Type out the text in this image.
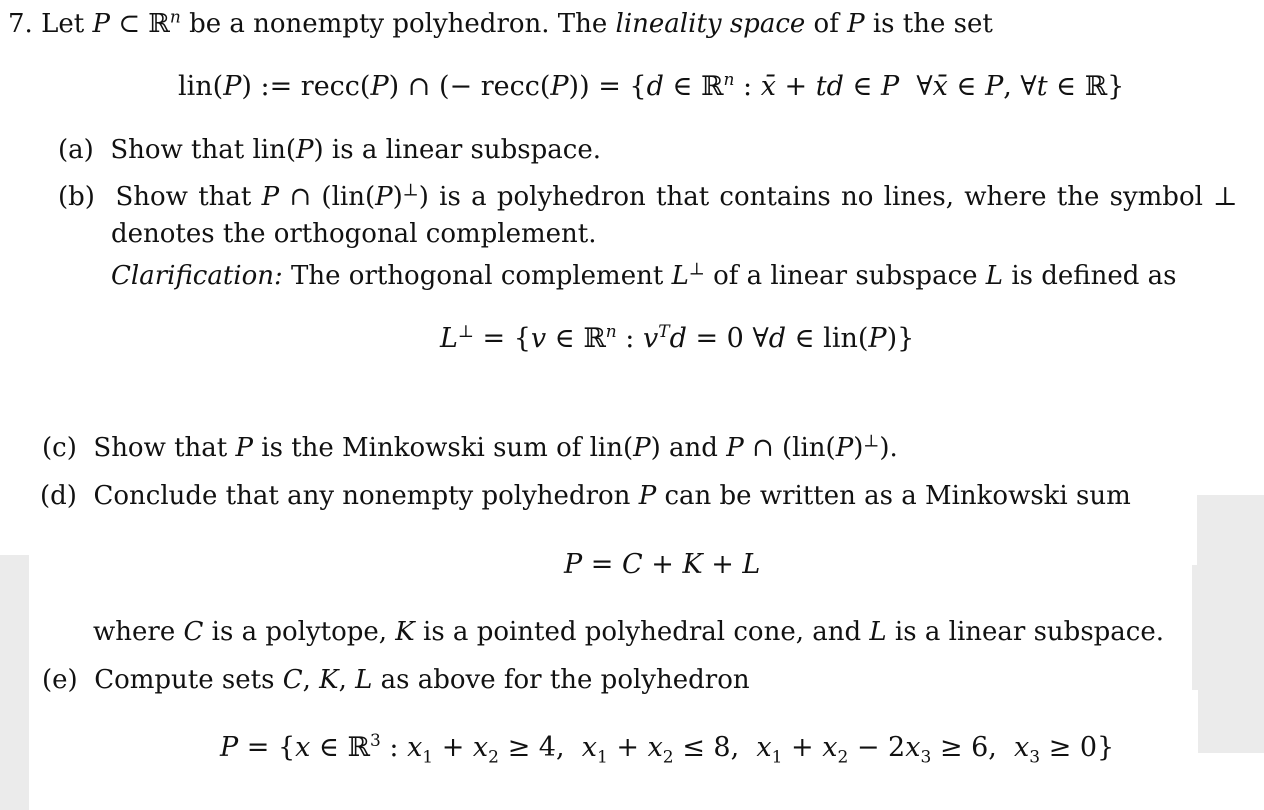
7. Let P ⊂ ℝ$^n$ be a nonempty polyhedron. The lineality space of P is the set
lin(P) := recc(P) ∩ (− recc(P)) = {d ∈ ℝ$^n$ : x̄ + td ∈ P  ∀x̄ ∈ P, ∀t ∈ ℝ}
(a)  Show that lin(P) is a linear subspace.
(b)  Show that P ∩ (lin(P)⊥) is a polyhedron that contains no lines, where the symbol ⊥
denotes the orthogonal complement.
Clarification: The orthogonal complement L⊥ of a linear subspace L is defined as
L⊥ = {v ∈ ℝ$^n$ : $v^Td = 0$ ∀d ∈ lin(P)}
(c)  Show that P is the Minkowski sum of lin(P) and P ∩ (lin(P)⊥).
(d)  Conclude that any nonempty polyhedron P can be written as a Minkowski sum
P = C + K + L
where C is a polytope, K is a pointed polyhedral cone, and L is a linear subspace.
(e)  Compute sets C, K, L as above for the polyhedron
P = {x ∈ ℝ$^3$ : $x_1 + x_2 \ge 4$,  $x_1 + x_2 \le 8$,  $x_1 + x_2 - 2x_3 \ge 6$,  $x_3 \ge 0$}
